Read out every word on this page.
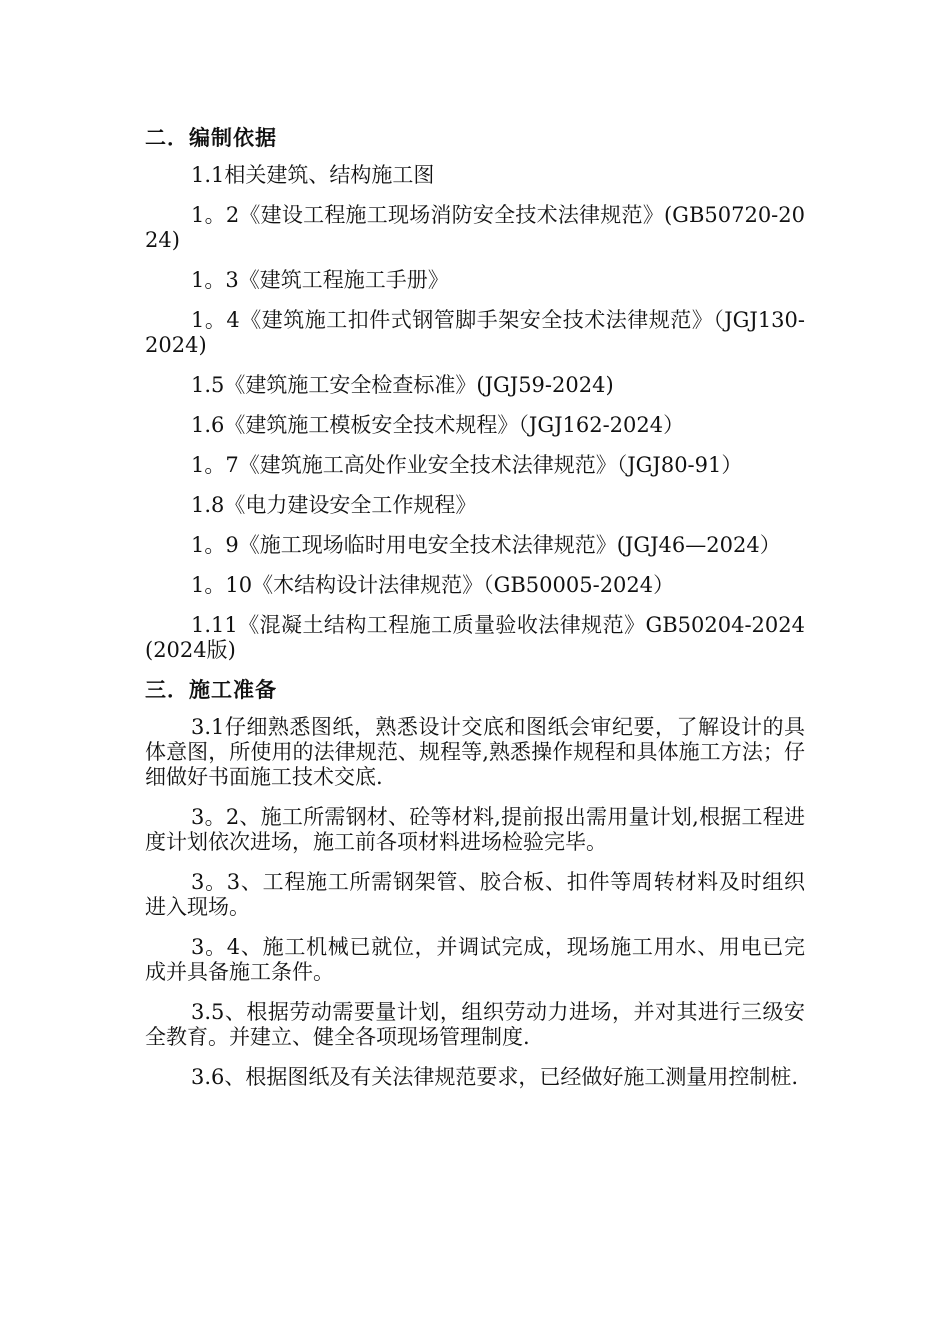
二．编制依据

1.1相关建筑、结构施工图

1。2《建设工程施工现场消防安全技术法律规范》(GB50720-2024)

1。3《建筑工程施工手册》

1。4《建筑施工扣件式钢管脚手架安全技术法律规范》（JGJ130-2024)

1.5《建筑施工安全检查标准》(JGJ59-2024)

1.6《建筑施工模板安全技术规程》（JGJ162-2024）

1。7《建筑施工高处作业安全技术法律规范》（JGJ80-91）

1.8《电力建设安全工作规程》

1。9《施工现场临时用电安全技术法律规范》(JGJ46—2024）

1。10《木结构设计法律规范》（GB50005-2024）

1.11《混凝土结构工程施工质量验收法律规范》GB50204-2024(2024版)

三．施工准备

3.1仔细熟悉图纸，熟悉设计交底和图纸会审纪要，了解设计的具体意图，所使用的法律规范、规程等,熟悉操作规程和具体施工方法；仔细做好书面施工技术交底.

3。2、施工所需钢材、砼等材料,提前报出需用量计划,根据工程进度计划依次进场，施工前各项材料进场检验完毕。

3。3、工程施工所需钢架管、胶合板、扣件等周转材料及时组织进入现场。

3。4、施工机械已就位，并调试完成，现场施工用水、用电已完成并具备施工条件。

3.5、根据劳动需要量计划，组织劳动力进场，并对其进行三级安全教育。并建立、健全各项现场管理制度.

3.6、根据图纸及有关法律规范要求，已经做好施工测量用控制桩.
